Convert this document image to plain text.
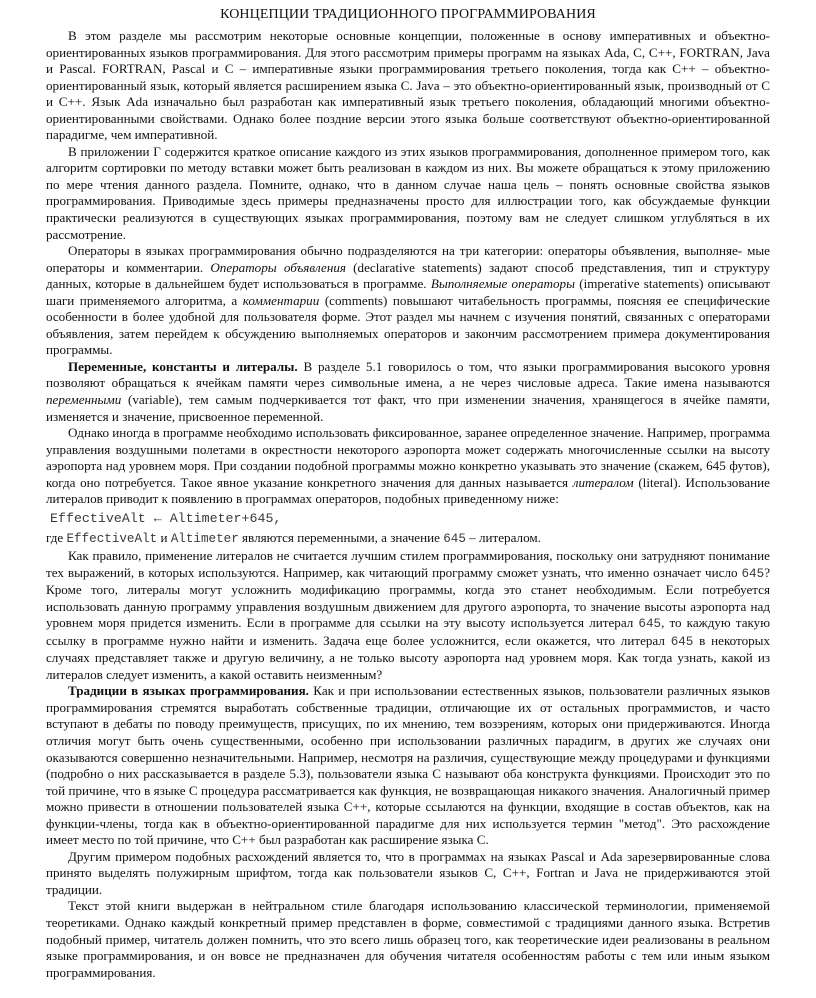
КОНЦЕПЦИИ ТРАДИЦИОННОГО ПРОГРАММИРОВАНИЯ

В этом разделе мы рассмотрим некоторые основные концепции, положенные в основу императивных и объектно-ориентированных языков программирования. Для этого рассмотрим примеры программ на языках Ada, C, C++, FORTRAN, Java и Pascal. FORTRAN, Pascal и C – императивные языки программирования третьего поколения, тогда как C++ – объектно-ориентированный язык, который является расширением языка C. Java – это объектно-ориентированный язык, производный от C и C++. Язык Ada изначально был разработан как императивный язык третьего поколения, обладающий многими объектно-ориентированными свойствами. Однако более поздние версии этого языка больше соответствуют объектно-ориентированной парадигме, чем императивной.

В приложении Г содержится краткое описание каждого из этих языков программирования, дополненное примером того, как алгоритм сортировки по методу вставки может быть реализован в каждом из них. Вы можете обращаться к этому приложению по мере чтения данного раздела. Помните, однако, что в данном случае наша цель – понять основные свойства языков программирования. Приводимые здесь примеры предназначены просто для иллюстрации того, как обсуждаемые функции практически реализуются в существующих языках программирования, поэтому вам не следует слишком углубляться в их рассмотрение.

Операторы в языках программирования обычно подразделяются на три категории: операторы объявления, выполняе- мые операторы и комментарии. Операторы объявления (declarative statements) задают способ представления, тип и структуру данных, которые в дальнейшем будет использоваться в программе. Выполняемые операторы (imperative statements) описывают шаги применяемого алгоритма, а комментарии (comments) повышают читабельность программы, поясняя ее специфические особенности в более удобной для пользователя форме. Этот раздел мы начнем с изучения понятий, связанных с операторами объявления, затем перейдем к обсуждению выполняемых операторов и закончим рассмотрением примера документирования программы.

Переменные, константы и литералы. В разделе 5.1 говорилось о том, что языки программирования высокого уровня позволяют обращаться к ячейкам памяти через символьные имена, а не через числовые адреса. Такие имена называются переменными (variable), тем самым подчеркивается тот факт, что при изменении значения, хранящегося в ячейке памяти, изменяется и значение, присвоенное переменной.

Однако иногда в программе необходимо использовать фиксированное, заранее определенное значение. Например, программа управления воздушными полетами в окрестности некоторого аэропорта может содержать многочисленные ссылки на высоту аэропорта над уровнем моря. При создании подобной программы можно конкретно указывать это значение (скажем, 645 футов), когда оно потребуется. Такое явное указание конкретного значения для данных называется литералом (literal). Использование литералов приводит к появлению в программах операторов, подобных приведенному ниже:

EffectiveAlt ← Altimeter+645,

где EffectiveAlt и Altimeter являются переменными, а значение 645 – литералом.

Как правило, применение литералов не считается лучшим стилем программирования, поскольку они затрудняют понимание тех выражений, в которых используются. Например, как читающий программу сможет узнать, что именно означает число 645? Кроме того, литералы могут усложнить модификацию программы, когда это станет необходимым. Если потребуется использовать данную программу управления воздушным движением для другого аэропорта, то значение высоты аэропорта над уровнем моря придется изменить. Если в программе для ссылки на эту высоту используется литерал 645, то каждую такую ссылку в программе нужно найти и изменить. Задача еще более усложнится, если окажется, что литерал 645 в некоторых случаях представляет также и другую величину, а не только высоту аэропорта над уровнем моря. Как тогда узнать, какой из литералов следует изменить, а какой оставить неизменным?

Традиции в языках программирования. Как и при использовании естественных языков, пользователи различных языков программирования стремятся выработать собственные традиции, отличающие их от остальных программистов, и часто вступают в дебаты по поводу преимуществ, присущих, по их мнению, тем возэрениям, которых они придерживаются. Иногда отличия могут быть очень существенными, особенно при использовании различных парадигм, в других же случаях они оказываются совершенно незначительными. Например, несмотря на различия, существующие между процедурами и функциями (подробно о них рассказывается в разделе 5.3), пользователи языка C называют оба конструкта функциями. Происходит это по той причине, что в языке C процедура рассматривается как функция, не возвращающая никакого значения. Аналогичный пример можно привести в отношении пользователей языка C++, которые ссылаются на функции, входящие в состав объектов, как на функции-члены, тогда как в объектно-ориентированной парадигме для них используется термин "метод". Это расхождение имеет место по той причине, что C++ был разработан как расширение языка C.

Другим примером подобных расхождений является то, что в программах на языках Pascal и Ada зарезервированные слова принято выделять полужирным шрифтом, тогда как пользователи языков C, C++, Fortran и Java не придерживаются этой традиции.

Текст этой книги выдержан в нейтральном стиле благодаря использованию классической терминологии, применяемой теоретиками. Однако каждый конкретный пример представлен в форме, совместимой с традициями данного языка. Встретив подобный пример, читатель должен помнить, что это всего лишь образец того, как теоретические идеи реализованы в реальном языке программирования, и он вовсе не предназначен для обучения читателя особенностям работы с тем или иным языком программирования.
